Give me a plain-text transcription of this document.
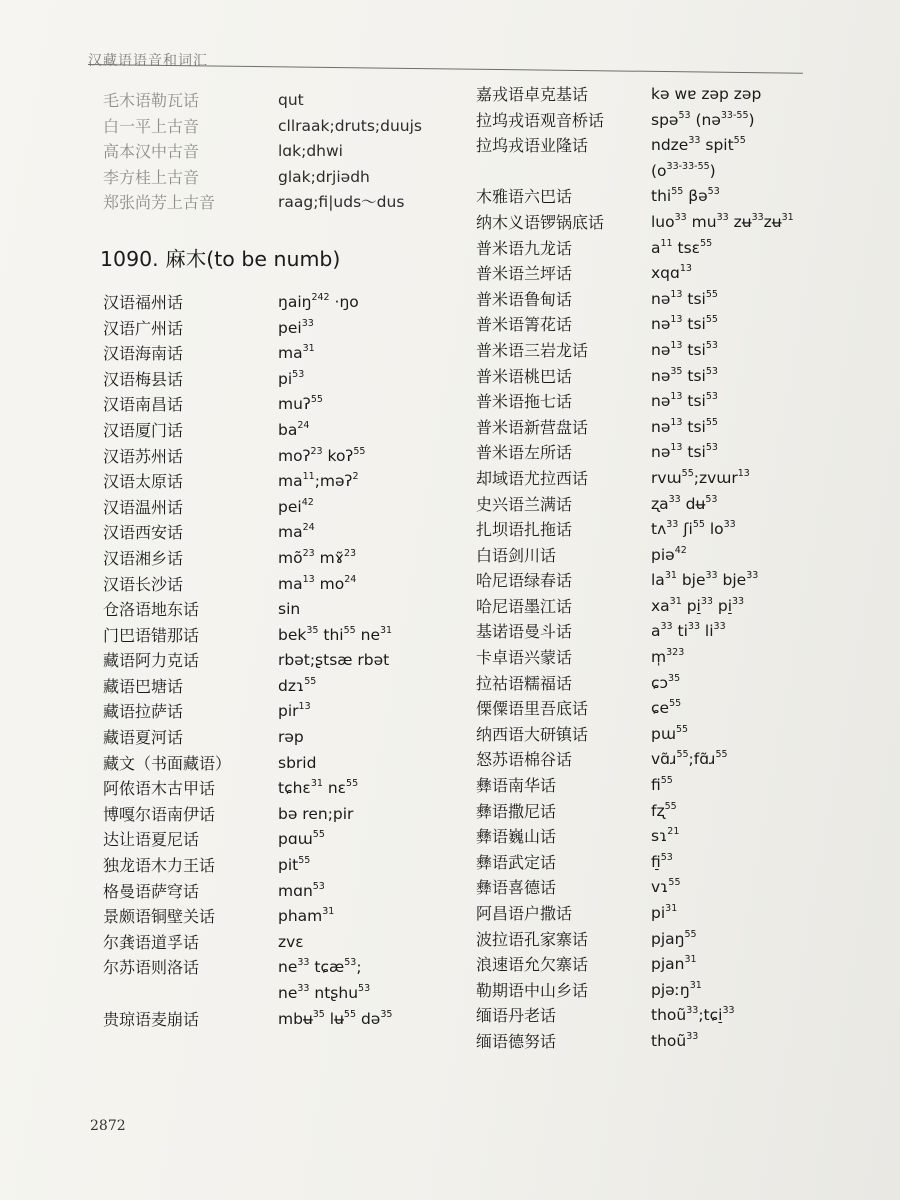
汉藏语语音和词汇
毛木语勒瓦话	qut
白一平上古音	cllraak;druts;duujs
高本汉中古音	lɑk;dhwi
李方桂上古音	glak;drjiədh
郑张尚芳上古音	raag;fi|uds～dus
1090. 麻木(to be numb)
汉语福州话	ŋaiŋ$^{242}$ ·ŋo
汉语广州话	pei$^{33}$
汉语海南话	$ma^{31}$
汉语梅县话	$pi^{53}$
汉语南昌话	muʔ$^{55}$
汉语厦门话	$ba^{24}$
汉语苏州话	moʔ$^{23}$ koʔ$^{55}$
汉语太原话	$ma^{11};məʔ^2$
汉语温州话	pei$^{42}$
汉语西安话	$ma^{24}$
汉语湘乡话	$mõ^{23}$ mɤ̃$^{23}$
汉语长沙话	$ma^{13}$ $mo^{24}$
仓洛语地东话	sin
门巴语错那话	bek$^{35}$ thi$^{55}$ $ne^{31}$
藏语阿力克话	rbət;ʂtsæ rbət
藏语巴塘话	dzɿ$^{55}$
藏语拉萨话	pir$^{13}$
藏语夏河话	rəp
藏文（书面藏语）	sbrid
阿侬语木古甲话	tɕhɛ$^{31}$ nɛ$^{55}$
博嘎尔语南伊话	bə ren;pir
达让语夏尼话	pɑɯ$^{55}$
独龙语木力王话	pit$^{55}$
格曼语萨穹话	mɑn$^{53}$
景颇语铜壁关话	pham$^{31}$
尔龚语道孚话	zvɛ
尔苏语则洛话	$ne^{33}$ tɕæ$^{53}$;
$ne^{33}$ ntʂhu$^{53}$
贵琼语麦崩话	mbʉ$^{35}$ lʉ$^{55}$ də$^{35}$
嘉戎语卓克基话	kə wɐ zəp zəp
拉坞戎语观音桥话	spə$^{53}$ (nə$^{33-55}$)
拉坞戎语业隆话	ndze$^{33}$ spit$^{55}$
$(o^{33-33-55})$
木雅语六巴话	thi$^{55}$ βə$^{53}$
纳木义语锣锅底话	luo$^{33}$ $mu^{33}$ zʉ$^{33}$zʉ$^{31}$
普米语九龙话	$a^{11}$ tsɛ$^{55}$
普米语兰坪话	xqɑ$^{13}$
普米语鲁甸话	nə$^{13}$ tsi$^{55}$
普米语箐花话	nə$^{13}$ tsi$^{55}$
普米语三岩龙话	nə$^{13}$ tsi$^{53}$
普米语桃巴话	nə$^{35}$ tsi$^{53}$
普米语拖七话	nə$^{13}$ tsi$^{53}$
普米语新营盘话	nə$^{13}$ tsi$^{55}$
普米语左所话	nə$^{13}$ tsi$^{53}$
却域语尤拉西话	rvɯ$^{55}$;zvɯr$^{13}$
史兴语兰满话	ʐa$^{33}$ dʉ$^{53}$
扎坝语扎拖话	tʌ$^{33}$ ʃi$^{55}$ $lo^{33}$
白语剑川话	piə$^{42}$
哈尼语绿春话	$la^{31}$ bje$^{33}$ bje$^{33}$
哈尼语墨江话	$xa^{31}$ pi̠$^{33}$ pi̠$^{33}$
基诺语曼斗话	$a^{33}$ $ti^{33}$ $li^{33}$
卡卓语兴蒙话	m̩$^{323}$
拉祜语糯福话	ɕɔ$^{35}$
傈僳语里吾底话	ɕe$^{55}$
纳西语大研镇话	pɯ$^{55}$
怒苏语棉谷话	vɑ̃ɹ$^{55}$;fɑ̃ɹ$^{55}$
彝语南华话	$fi^{55}$
彝语撒尼话	fʐ$^{55}$
彝语巍山话	sɿ$^{21}$
彝语武定话	fi̠$^{53}$
彝语喜德话	vɿ$^{55}$
阿昌语户撒话	$pi^{31}$
波拉语孔家寨话	pjaŋ$^{55}$
浪速语允欠寨话	pjan$^{31}$
勒期语中山乡话	pjəːŋ$^{31}$
缅语丹老话	thoũ$^{33}$;tɕi̠$^{33}$
缅语德努话	thoũ$^{33}$
2872
